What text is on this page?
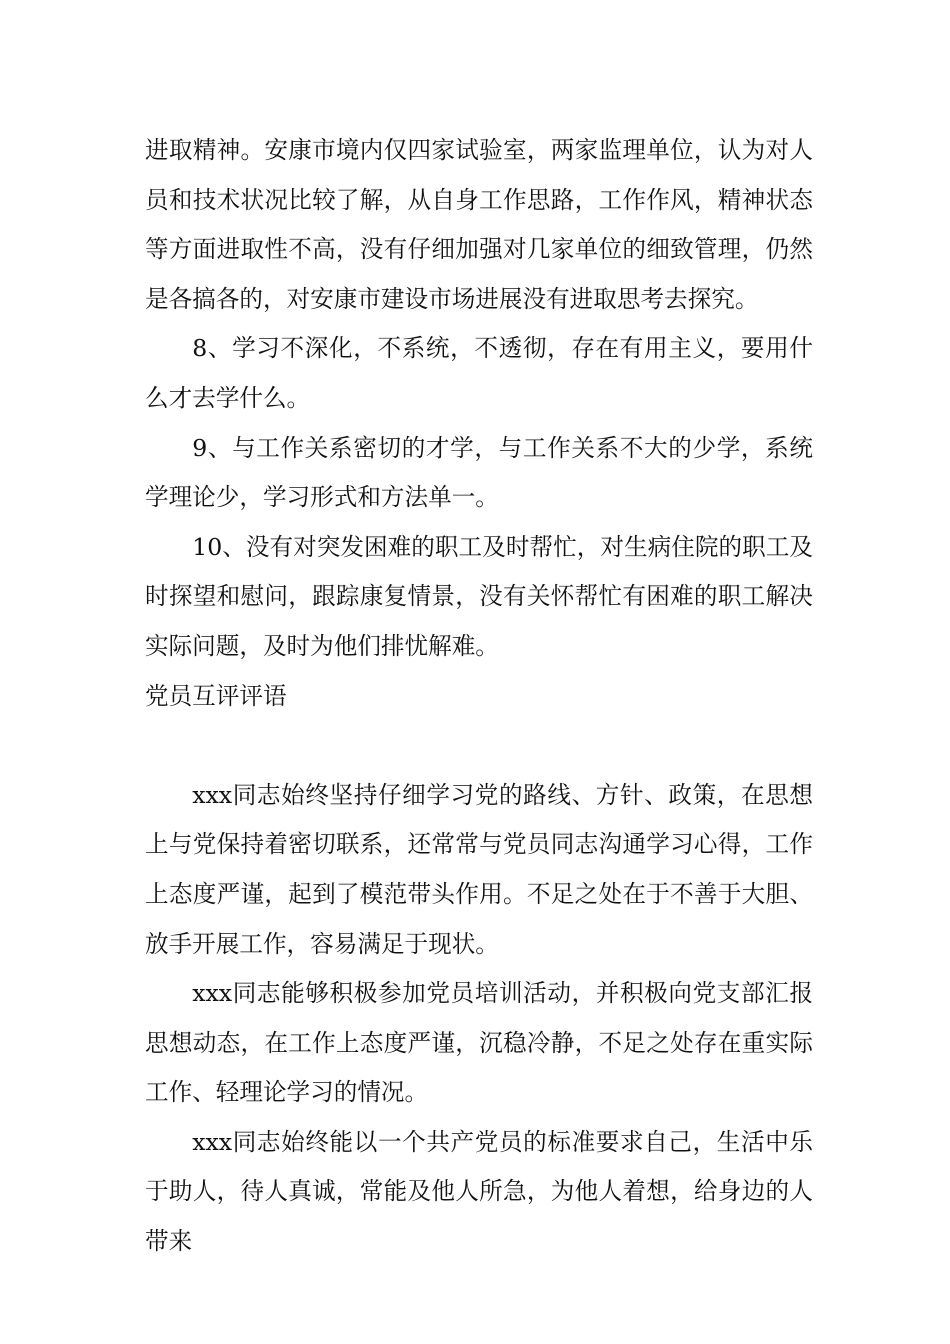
进取精神。安康市境内仅四家试验室，两家监理单位，认为对人员和技术状况比较了解，从自身工作思路，工作作风，精神状态等方面进取性不高，没有仔细加强对几家单位的细致管理，仍然是各搞各的，对安康市建设市场进展没有进取思考去探究。

8、学习不深化，不系统，不透彻，存在有用主义，要用什么才去学什么。

9、与工作关系密切的才学，与工作关系不大的少学，系统学理论少，学习形式和方法单一。

10、没有对突发困难的职工及时帮忙，对生病住院的职工及时探望和慰问，跟踪康复情景，没有关怀帮忙有困难的职工解决实际问题，及时为他们排忧解难。

党员互评评语

xxx同志始终坚持仔细学习党的路线、方针、政策，在思想上与党保持着密切联系，还常常与党员同志沟通学习心得，工作上态度严谨，起到了模范带头作用。不足之处在于不善于大胆、放手开展工作，容易满足于现状。

xxx同志能够积极参加党员培训活动，并积极向党支部汇报思想动态，在工作上态度严谨，沉稳冷静，不足之处存在重实际工作、轻理论学习的情况。

xxx同志始终能以一个共产党员的标准要求自己，生活中乐于助人，待人真诚，常能及他人所急，为他人着想，给身边的人带来
